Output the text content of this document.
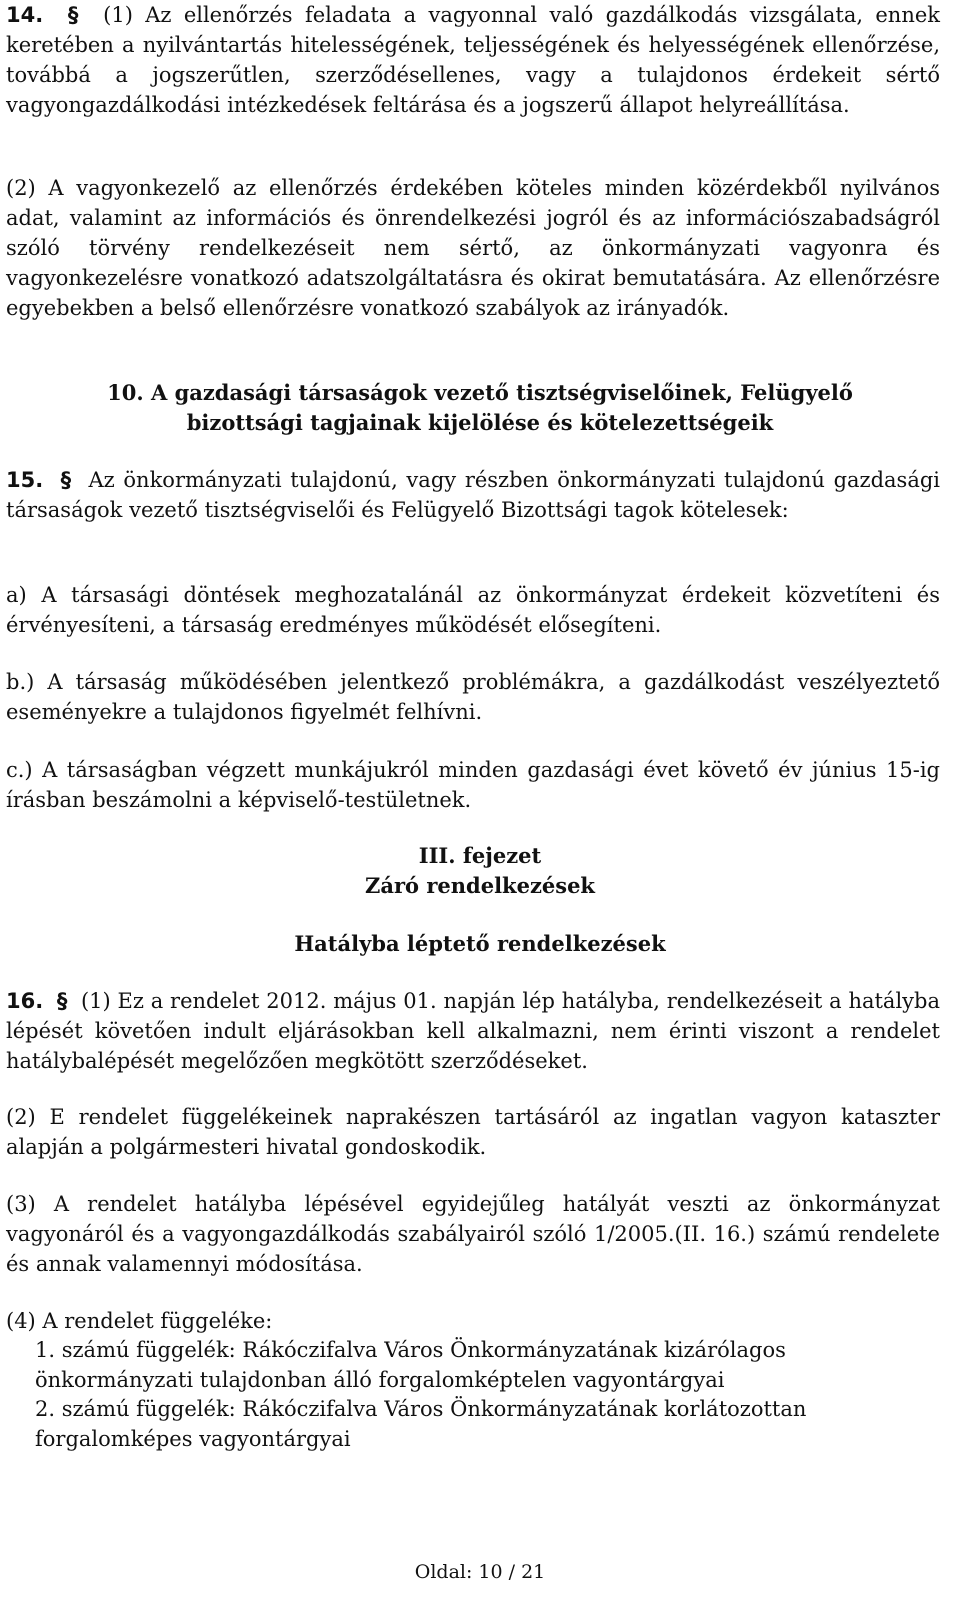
14. § (1) Az ellenőrzés feladata a vagyonnal való gazdálkodás vizsgálata, ennek keretében a nyilvántartás hitelességének, teljességének és helyességének ellenőrzése, továbbá a jogszerűtlen, szerződésellenes, vagy a tulajdonos érdekeit sértő vagyongazdálkodási intézkedések feltárása és a jogszerű állapot helyreállítása.

(2) A vagyonkezelő az ellenőrzés érdekében köteles minden közérdekből nyilvános adat, valamint az információs és önrendelkezési jogról és az információszabadságról szóló törvény rendelkezéseit nem sértő, az önkormányzati vagyonra és vagyonkezelésre vonatkozó adatszolgáltatásra és okirat bemutatására. Az ellenőrzésre egyebekben a belső ellenőrzésre vonatkozó szabályok az irányadók.

10. A gazdasági társaságok vezető tisztségviselőinek, Felügyelő

bizottsági tagjainak kijelölése és kötelezettségeik

15. § Az önkormányzati tulajdonú, vagy részben önkormányzati tulajdonú gazdasági társaságok vezető tisztségviselői és Felügyelő Bizottsági tagok kötelesek:

a) A társasági döntések meghozatalánál az önkormányzat érdekeit közvetíteni és érvényesíteni, a társaság eredményes működését elősegíteni.

b.) A társaság működésében jelentkező problémákra, a gazdálkodást veszélyeztető eseményekre a tulajdonos figyelmét felhívni.

c.) A társaságban végzett munkájukról minden gazdasági évet követő év június 15-ig írásban beszámolni a képviselő-testületnek.

III. fejezet

Záró rendelkezések

Hatályba léptető rendelkezések

16. § (1) Ez a rendelet 2012. május 01. napján lép hatályba, rendelkezéseit a hatályba lépését követően indult eljárásokban kell alkalmazni, nem érinti viszont a rendelet hatálybalépését megelőzően megkötött szerződéseket.

(2) E rendelet függelékeinek naprakészen tartásáról az ingatlan vagyon kataszter alapján a polgármesteri hivatal gondoskodik.

(3) A rendelet hatályba lépésével egyidejűleg hatályát veszti az önkormányzat vagyonáról és a vagyongazdálkodás szabályairól szóló 1/2005.(II. 16.) számú rendelete és annak valamennyi módosítása.

(4) A rendelet függeléke:

1. számú függelék: Rákóczifalva Város Önkormányzatának kizárólagos önkormányzati tulajdonban álló forgalomképtelen vagyontárgyai

2. számú függelék: Rákóczifalva Város Önkormányzatának korlátozottan forgalomképes vagyontárgyai

Oldal: 10 / 21
